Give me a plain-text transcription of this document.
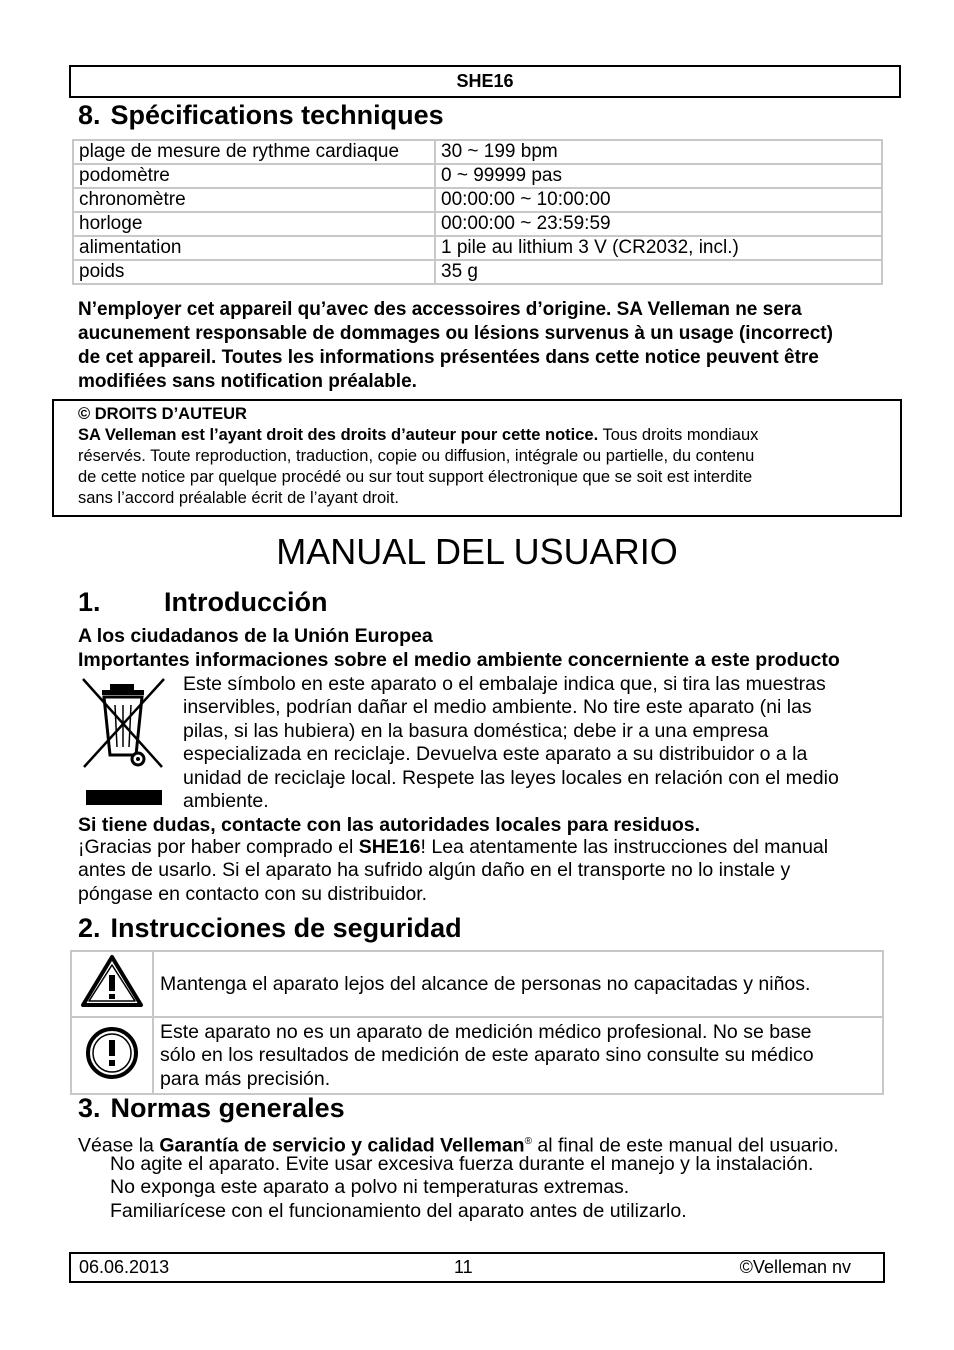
SHE16
8. Spécifications techniques
plage de mesure de rythme cardiaque	30 ~ 199 bpm
podomètre	0 ~ 99999 pas
chronomètre	00:00:00 ~ 10:00:00
horloge	00:00:00 ~ 23:59:59
alimentation	1 pile au lithium 3 V (CR2032, incl.)
poids	35 g
N’employer cet appareil qu’avec des accessoires d’origine. SA Velleman ne sera
aucunement responsable de dommages ou lésions survenus à un usage (incorrect)
de cet appareil. Toutes les informations présentées dans cette notice peuvent être
modifiées sans notification préalable.
© DROITS D’AUTEUR
SA Velleman est l’ayant droit des droits d’auteur pour cette notice. Tous droits mondiaux
réservés. Toute reproduction, traduction, copie ou diffusion, intégrale ou partielle, du contenu
de cette notice par quelque procédé ou sur tout support électronique que se soit est interdite
sans l’accord préalable écrit de l’ayant droit.
MANUAL DEL USUARIO
1. Introducción
A los ciudadanos de la Unión Europea
Importantes informaciones sobre el medio ambiente concerniente a este producto
Este símbolo en este aparato o el embalaje indica que, si tira las muestras
inservibles, podrían dañar el medio ambiente. No tire este aparato (ni las
pilas, si las hubiera) en la basura doméstica; debe ir a una empresa
especializada en reciclaje. Devuelva este aparato a su distribuidor o a la
unidad de reciclaje local. Respete las leyes locales en relación con el medio
ambiente.
Si tiene dudas, contacte con las autoridades locales para residuos.
¡Gracias por haber comprado el SHE16! Lea atentamente las instrucciones del manual
antes de usarlo. Si el aparato ha sufrido algún daño en el transporte no lo instale y
póngase en contacto con su distribuidor.
2. Instrucciones de seguridad

Mantenga el aparato lejos del alcance de personas no capacitadas y niños.

Este aparato no es un aparato de medición médico profesional. No se base
sólo en los resultados de medición de este aparato sino consulte su médico
para más precisión.
3. Normas generales
Véase la Garantía de servicio y calidad Velleman® al final de este manual del usuario.
No agite el aparato. Evite usar excesiva fuerza durante el manejo y la instalación.
No exponga este aparato a polvo ni temperaturas extremas.
Familiarícese con el funcionamiento del aparato antes de utilizarlo.
06.06.2013	11	©Velleman nv
